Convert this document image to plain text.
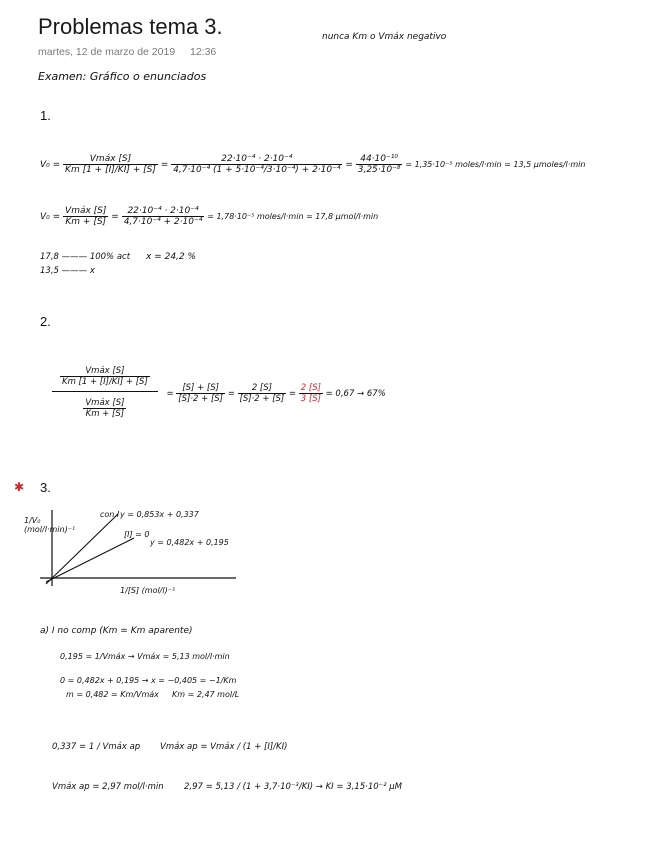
Problemas tema 3.
martes, 12 de marzo de 2019 12:36
nunca Km o Vmáx negativo
Examen: Gráfico o enunciados
1.
$V_0 = \frac{\text{Vmáx [S]}}{Km [1 + [I]/KI] + [S]} = \frac{\text{22·10⁻⁴ · 2·10⁻⁴}}{\text{4,7·10⁻⁴ (1 + 5·10⁻⁴/3·10⁻⁴) + 2·10⁻⁴}} = \frac{\text{44·10⁻¹⁰}}{\text{3,25·10⁻⁸}} = 1,35\cdot 10^{-5}$ moles/l·min = 13,5 µmoles/l·min
$V_0 = \frac{\text{Vmáx [S]}}{Km + [S]} = \frac{\text{22·10⁻⁴ · 2·10⁻⁴}}{\text{4,7·10⁻⁴ + 2·10⁻⁴}} = 1,78\cdot 10^{-5}$ moles/l·min = 17,8 µmol/l·min
17,8 ——— 100% act
13,5 ——— x
x = 24,2 %
2.
$\frac{\frac{\text{Vmáx [S]}}{Km [1 + [I]/KI] + [S]}}{\frac{\text{Vmáx [S]}}{Km + [S]}} = \frac{[S] + [S]}{[S]\cdot 2 + [S]} = \frac{2 [S]}{[S]\cdot 2 + [S]} = \frac{2 [S]}{3 [S]} = 0,67 \to 67\%$
✱ 3.
1/V₀ (mol/l·min)⁻¹
1/[S] (mol/l)⁻¹
con I y = 0,853x + 0,337
[I] = 0
y = 0,482x + 0,195
a) I no comp (Km = Km aparente)
0,195 = 1/Vmáx → Vmáx = 5,13 mol/l·min
0 = 0,482x + 0,195 → x = −0,405 = −1/Km
m = 0,482 = Km/Vmáx Km = 2,47 mol/L
0,337 = 1 / Vmáx ap Vmáx ap = Vmáx / (1 + [I]/KI)
Vmáx ap = 2,97 mol/l·min 2,97 = 5,13 / (1 + 3,7·10⁻³/KI) → KI = 3,15·10⁻² µM
